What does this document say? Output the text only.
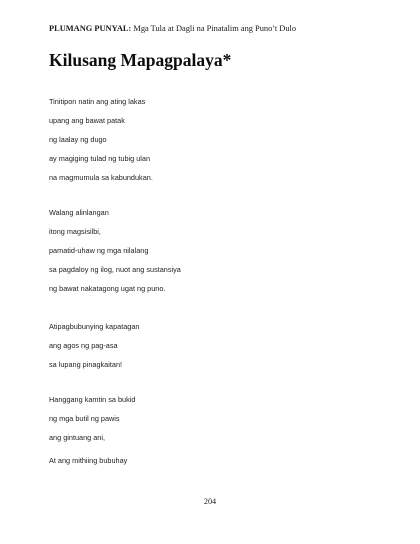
PLUMANG PUNYAL: Mga Tula at Dagli na Pinatalim ang Puno’t Dulo
Kilusang Mapagpalaya*
Tinitipon natin ang ating lakas
upang ang bawat patak
ng laalay ng dugo
ay magiging tulad ng tubig ulan
na magmumula sa kabundukan.
Walang alinlangan
itong magsisilbi,
pamatid-uhaw ng mga nilalang
sa pagdaloy ng ilog, nuot ang sustansiya
ng bawat nakatagong ugat ng puno.
Atipagbubunying kapatagan
ang agos ng pag-asa
sa lupang pinagkaitan!
Hanggang kamtin sa bukid
ng mga butil ng pawis
ang gintuang ani,
At ang mithiing bubuhay
204
